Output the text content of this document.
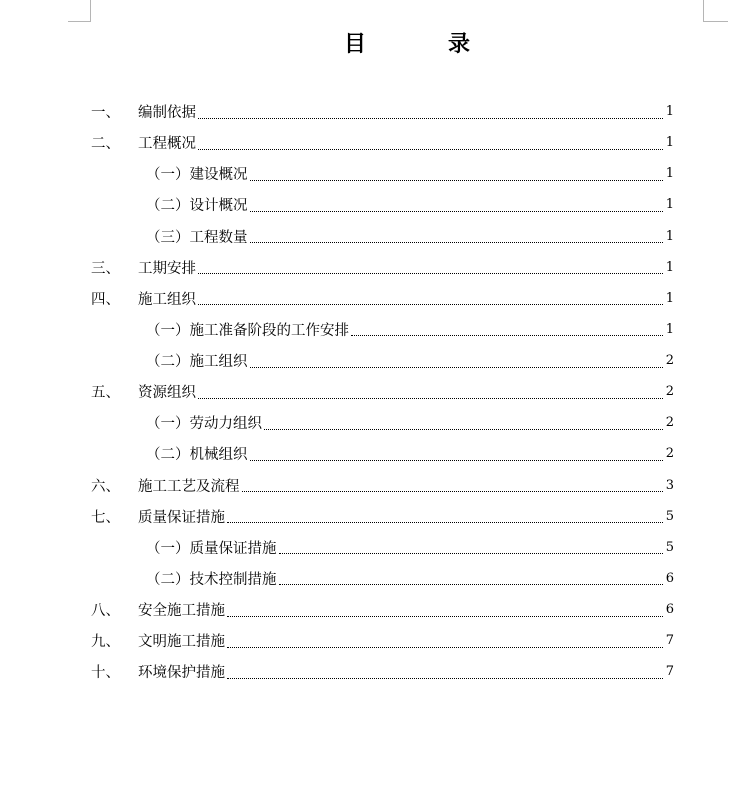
目　录
一、	编制依据	1
二、	工程概况	1
（一）建设概况	1
（二）设计概况	1
（三）工程数量	1
三、	工期安排	1
四、	施工组织	1
（一）施工准备阶段的工作安排	1
（二）施工组织	2
五、	资源组织	2
（一）劳动力组织	2
（二）机械组织	2
六、	施工工艺及流程	3
七、	质量保证措施	5
（一）质量保证措施	5
（二）技术控制措施	6
八、	安全施工措施	6
九、	文明施工措施	7
十、	环境保护措施	7
